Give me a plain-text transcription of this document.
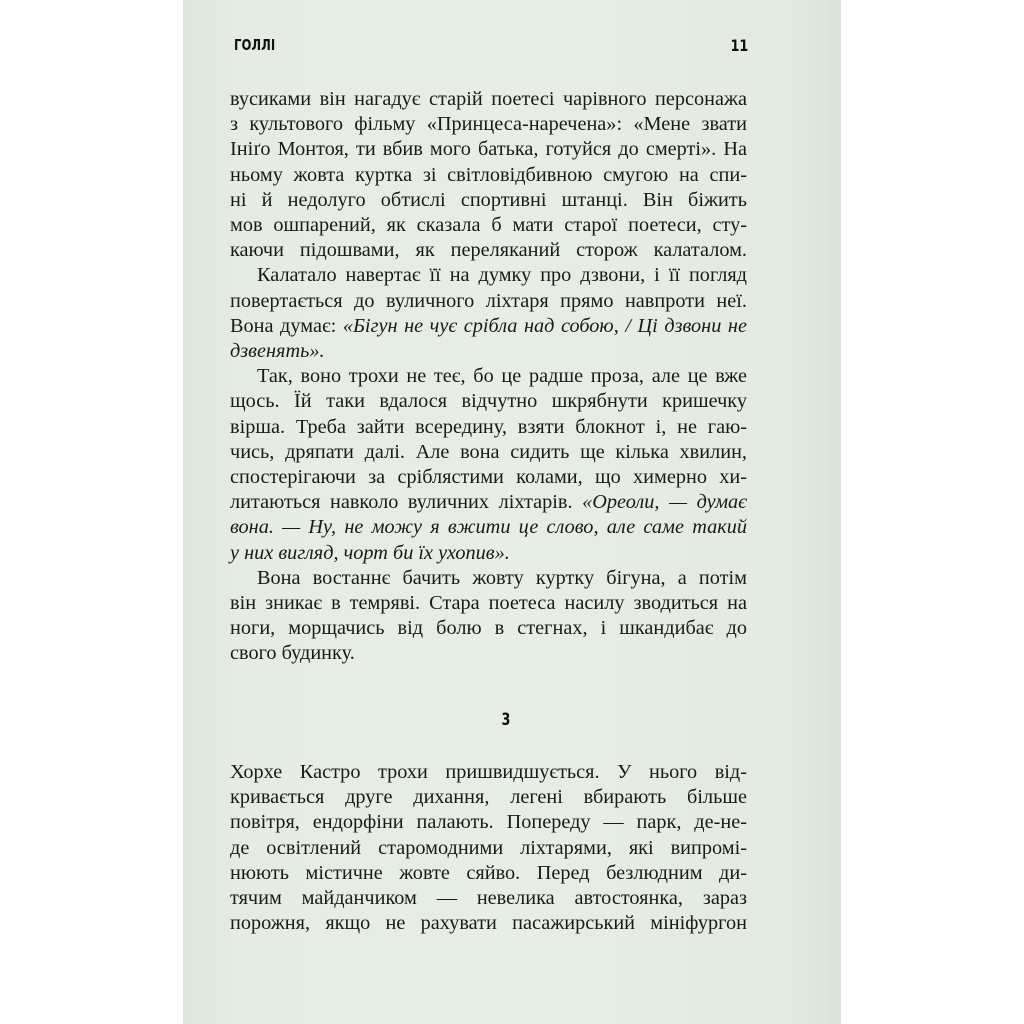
ГОЛЛІ	11

вусиками він нагадує старій поетесі чарівного персонажа
з культового фільму «Принцеса-наречена»: «Мене звати
Ініґо Монтоя, ти вбив мого батька, готуйся до смерті». На
ньому жовта куртка зі світловідбивною смугою на спи-
ні й недолуго обтислі спортивні штанці. Він біжить
мов ошпарений, як сказала б мати старої поетеси, сту-
каючи підошвами, як переляканий сторож калаталом.

Калатало навертає її на думку про дзвони, і її погляд
повертається до вуличного ліхтаря прямо навпроти неї.
Вона думає: «Бігун не чує срібла над собою, / Ці дзвони не
дзвенять».

Так, воно трохи не теє, бо це радше проза, але це вже
щось. Їй таки вдалося відчутно шкрябнути кришечку
вірша. Треба зайти всередину, взяти блокнот і, не гаю-
чись, дряпати далі. Але вона сидить ще кілька хвилин,
спостерігаючи за сріблястими колами, що химерно хи-
литаються навколо вуличних ліхтарів. «Ореоли, — думає
вона. — Ну, не можу я вжити це слово, але саме такий
у них вигляд, чорт би їх ухопив».

Вона востаннє бачить жовту куртку бігуна, а потім
він зникає в темряві. Стара поетеса насилу зводиться на
ноги, морщачись від болю в стегнах, і шкандибає до
свого будинку.

3
Хорхе Кастро трохи пришвидшується. У нього від-
кривається друге дихання, легені вбирають більше
повітря, ендорфіни палають. Попереду — парк, де-не-
де освітлений старомодними ліхтарями, які випромі-
нюють містичне жовте сяйво. Перед безлюдним ди-
тячим майданчиком — невелика автостоянка, зараз
порожня, якщо не рахувати пасажирський мініфургон
